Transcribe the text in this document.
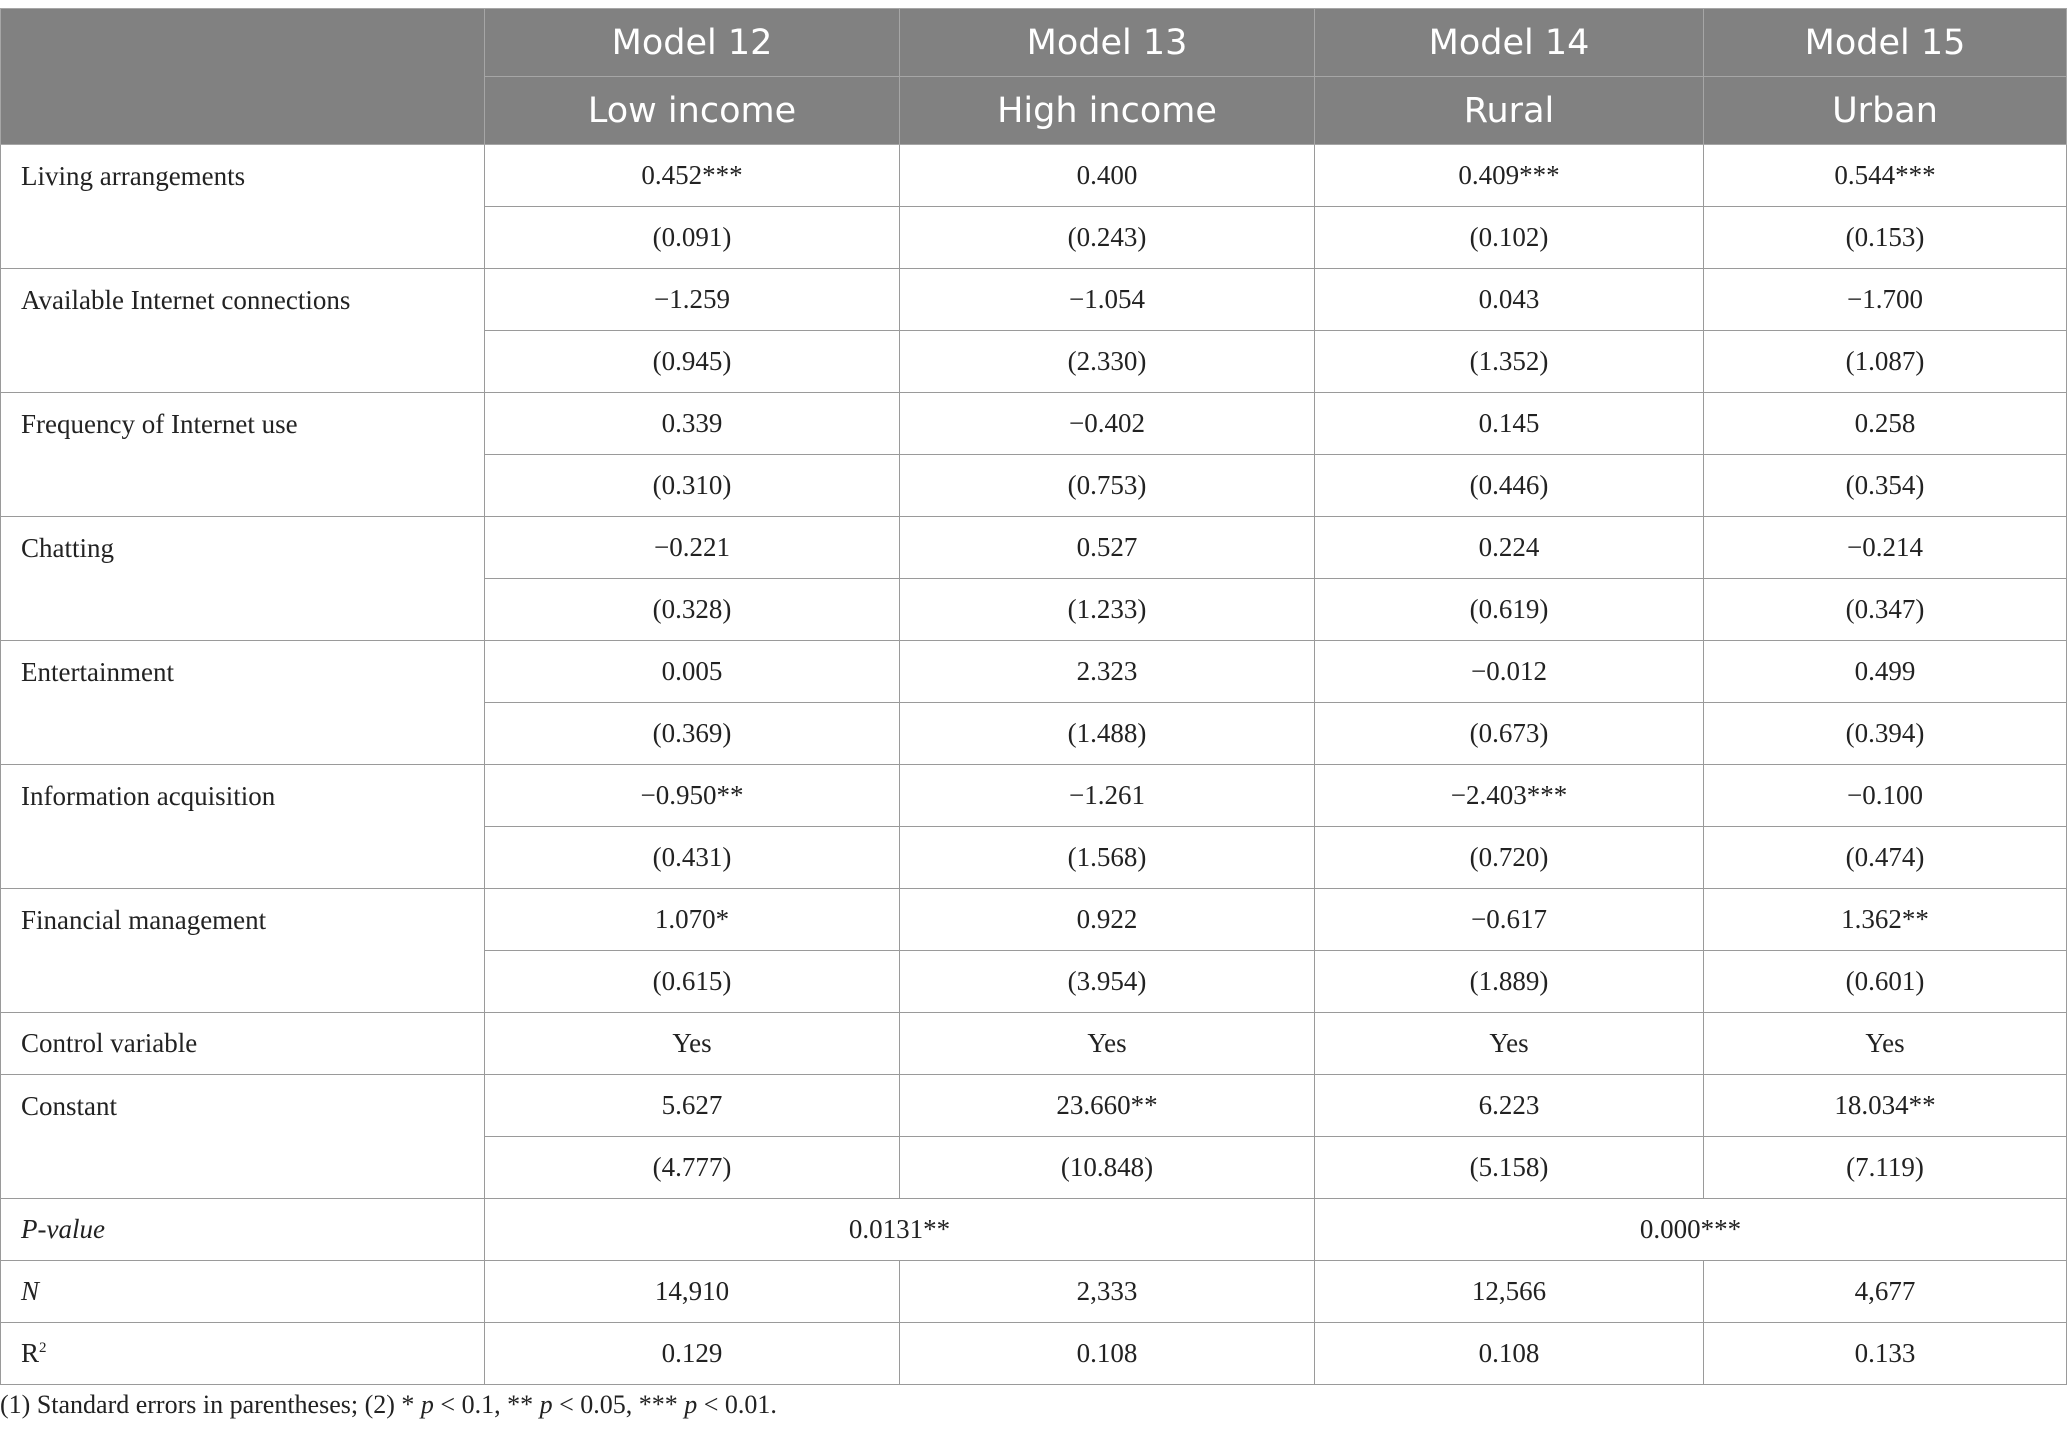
	Model 12	Model 13	Model 14	Model 15
	Low income	High income	Rural	Urban
Living arrangements	0.452***	0.400	0.409***	0.544***
	(0.091)	(0.243)	(0.102)	(0.153)
Available Internet connections	−1.259	−1.054	0.043	−1.700
	(0.945)	(2.330)	(1.352)	(1.087)
Frequency of Internet use	0.339	−0.402	0.145	0.258
	(0.310)	(0.753)	(0.446)	(0.354)
Chatting	−0.221	0.527	0.224	−0.214
	(0.328)	(1.233)	(0.619)	(0.347)
Entertainment	0.005	2.323	−0.012	0.499
	(0.369)	(1.488)	(0.673)	(0.394)
Information acquisition	−0.950**	−1.261	−2.403***	−0.100
	(0.431)	(1.568)	(0.720)	(0.474)
Financial management	1.070*	0.922	−0.617	1.362**
	(0.615)	(3.954)	(1.889)	(0.601)
Control variable	Yes	Yes	Yes	Yes
Constant	5.627	23.660**	6.223	18.034**
	(4.777)	(10.848)	(5.158)	(7.119)
P-value	0.0131**		0.000***	
N	14,910	2,333	12,566	4,677
$R^2$	0.129	0.108	0.108	0.133
(1) Standard errors in parentheses; (2) * p < 0.1, ** p < 0.05, *** p < 0.01.
